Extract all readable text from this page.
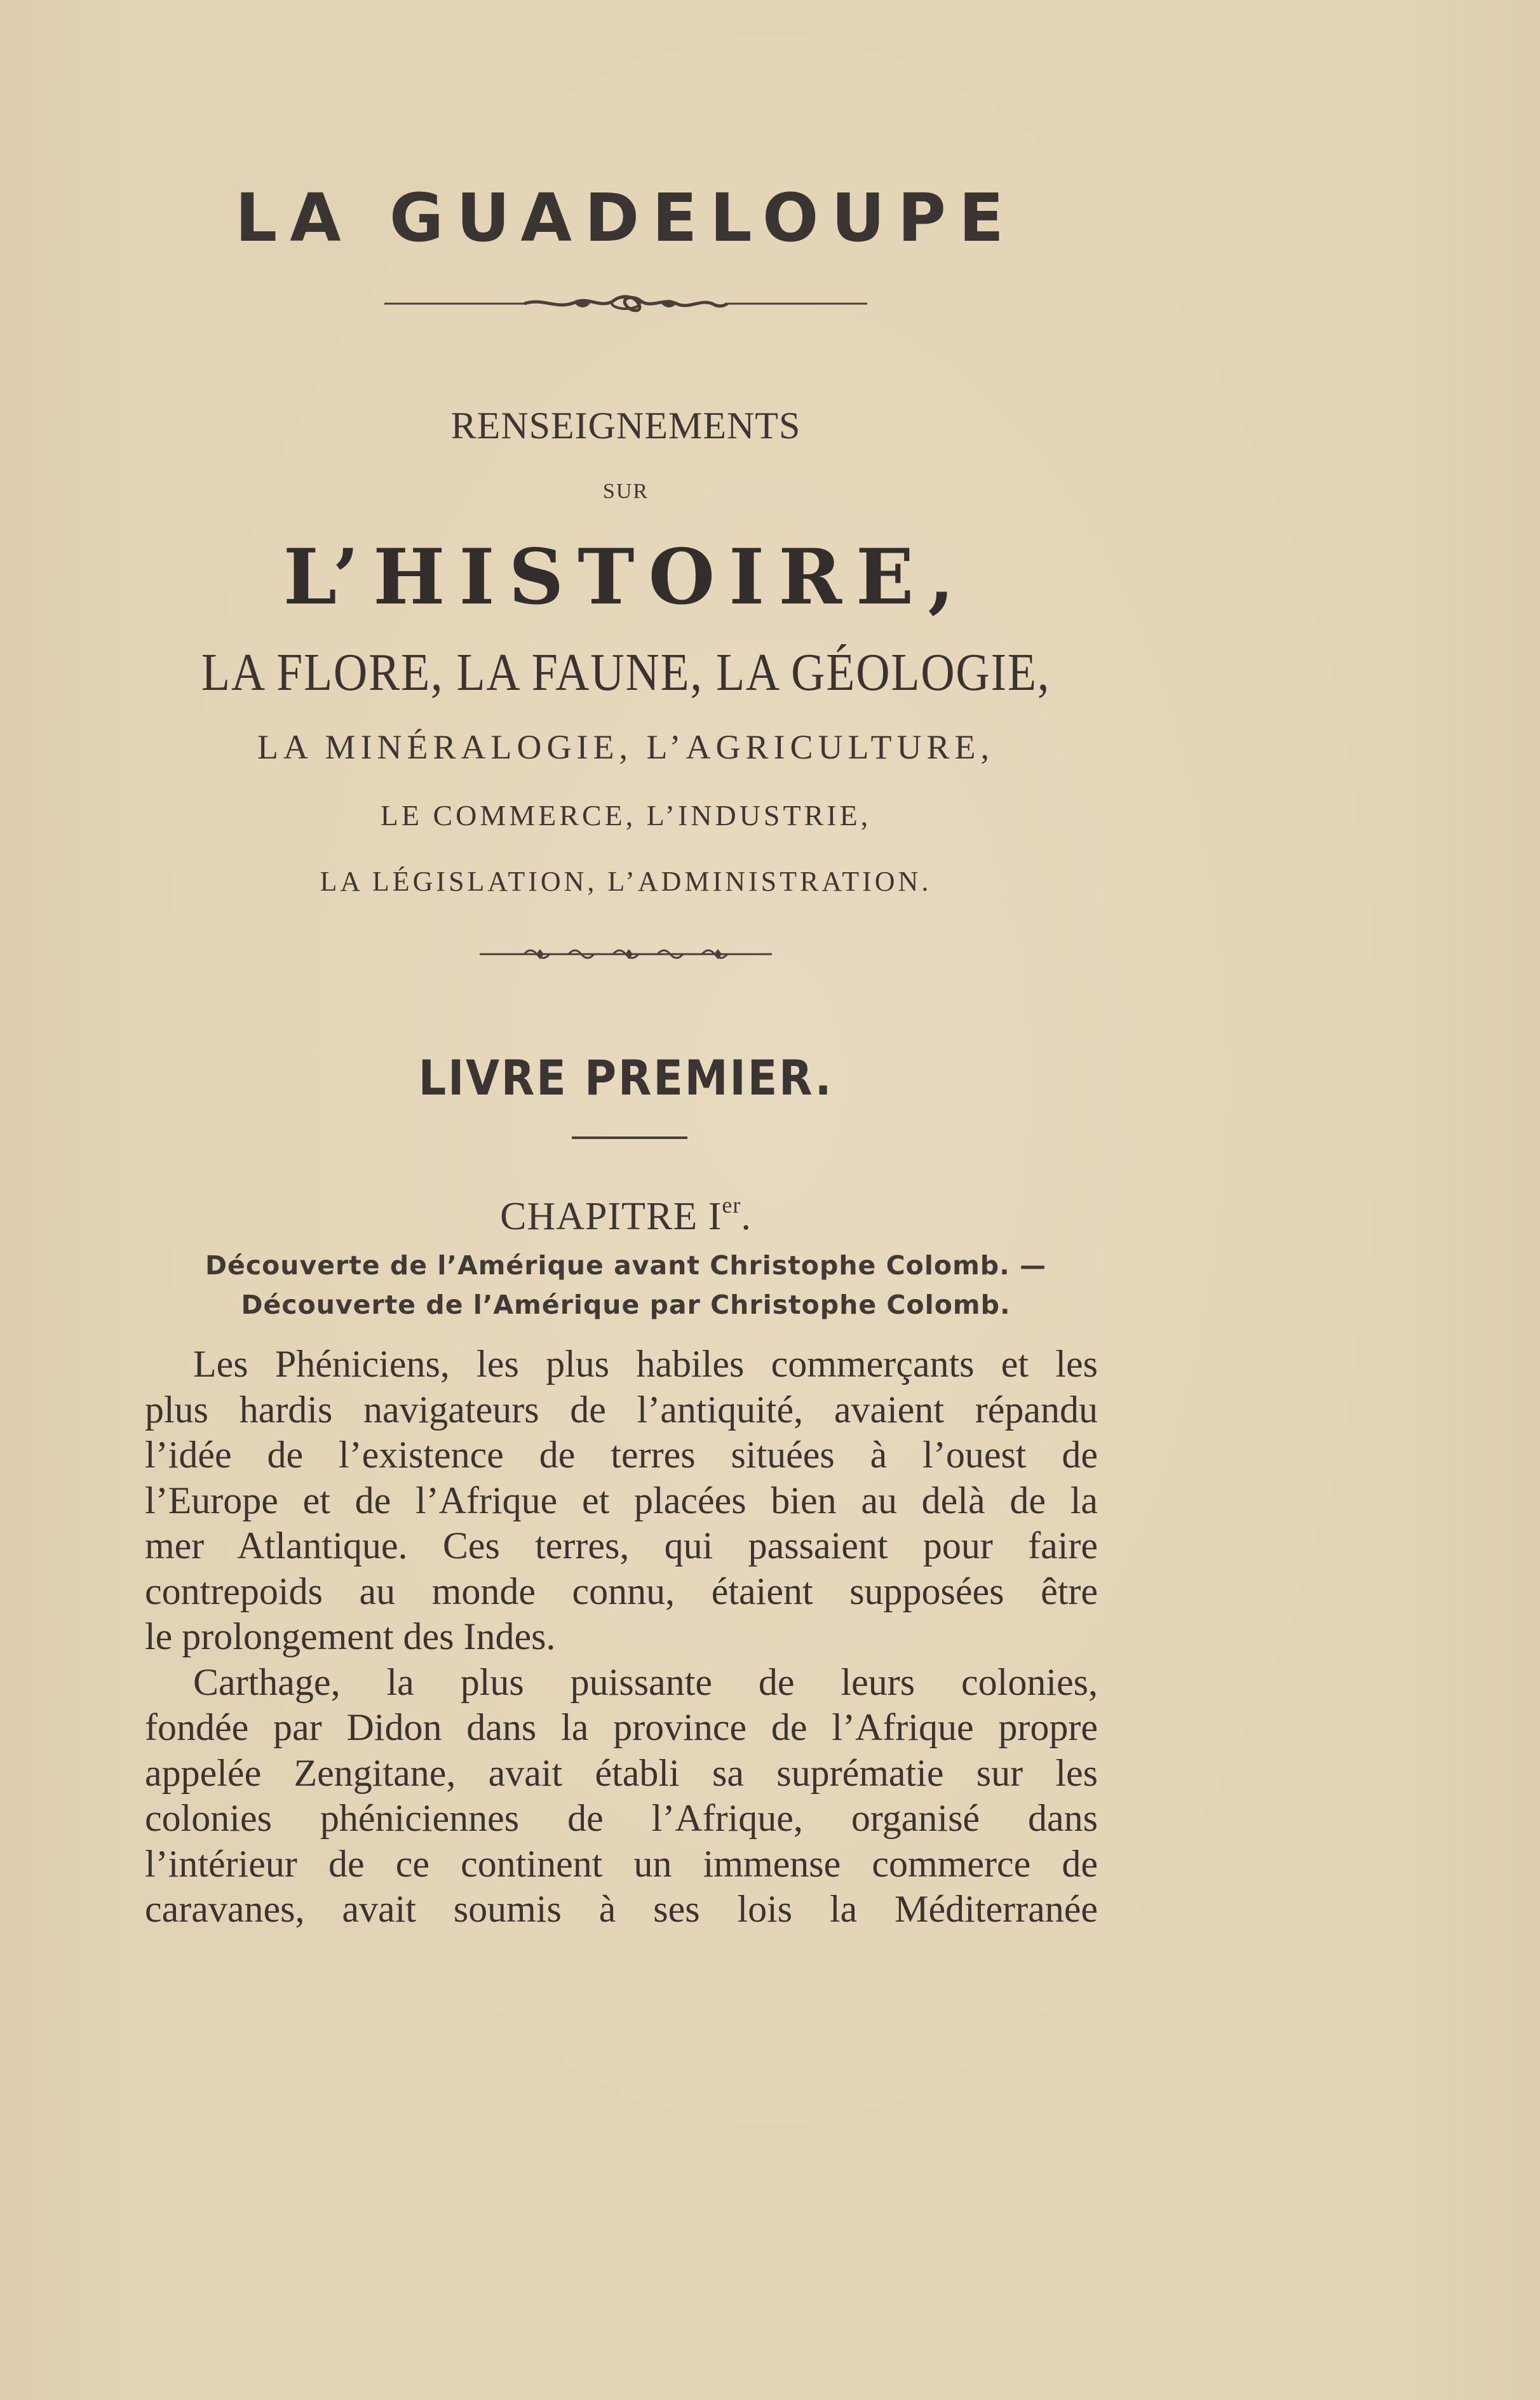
LA GUADELOUPE
RENSEIGNEMENTS
SUR
L’HISTOIRE,
LA FLORE, LA FAUNE, LA GÉOLOGIE,
LA MINÉRALOGIE, L’AGRICULTURE,
LE COMMERCE, L’INDUSTRIE,
LA LÉGISLATION, L’ADMINISTRATION.
LIVRE PREMIER.
CHAPITRE Ier.
Découverte de l’Amérique avant Christophe Colomb. —
Découverte de l’Amérique par Christophe Colomb.
Les Phéniciens, les plus habiles commerçants et les
plus hardis navigateurs de l’antiquité, avaient répandu
l’idée de l’existence de terres situées à l’ouest de
l’Europe et de l’Afrique et placées bien au delà de la
mer Atlantique. Ces terres, qui passaient pour faire
contrepoids au monde connu, étaient supposées être
le prolongement des Indes.
Carthage, la plus puissante de leurs colonies,
fondée par Didon dans la province de l’Afrique propre
appelée Zengitane, avait établi sa suprématie sur les
colonies phéniciennes de l’Afrique, organisé dans
l’intérieur de ce continent un immense commerce de
caravanes, avait soumis à ses lois la Méditerranée
